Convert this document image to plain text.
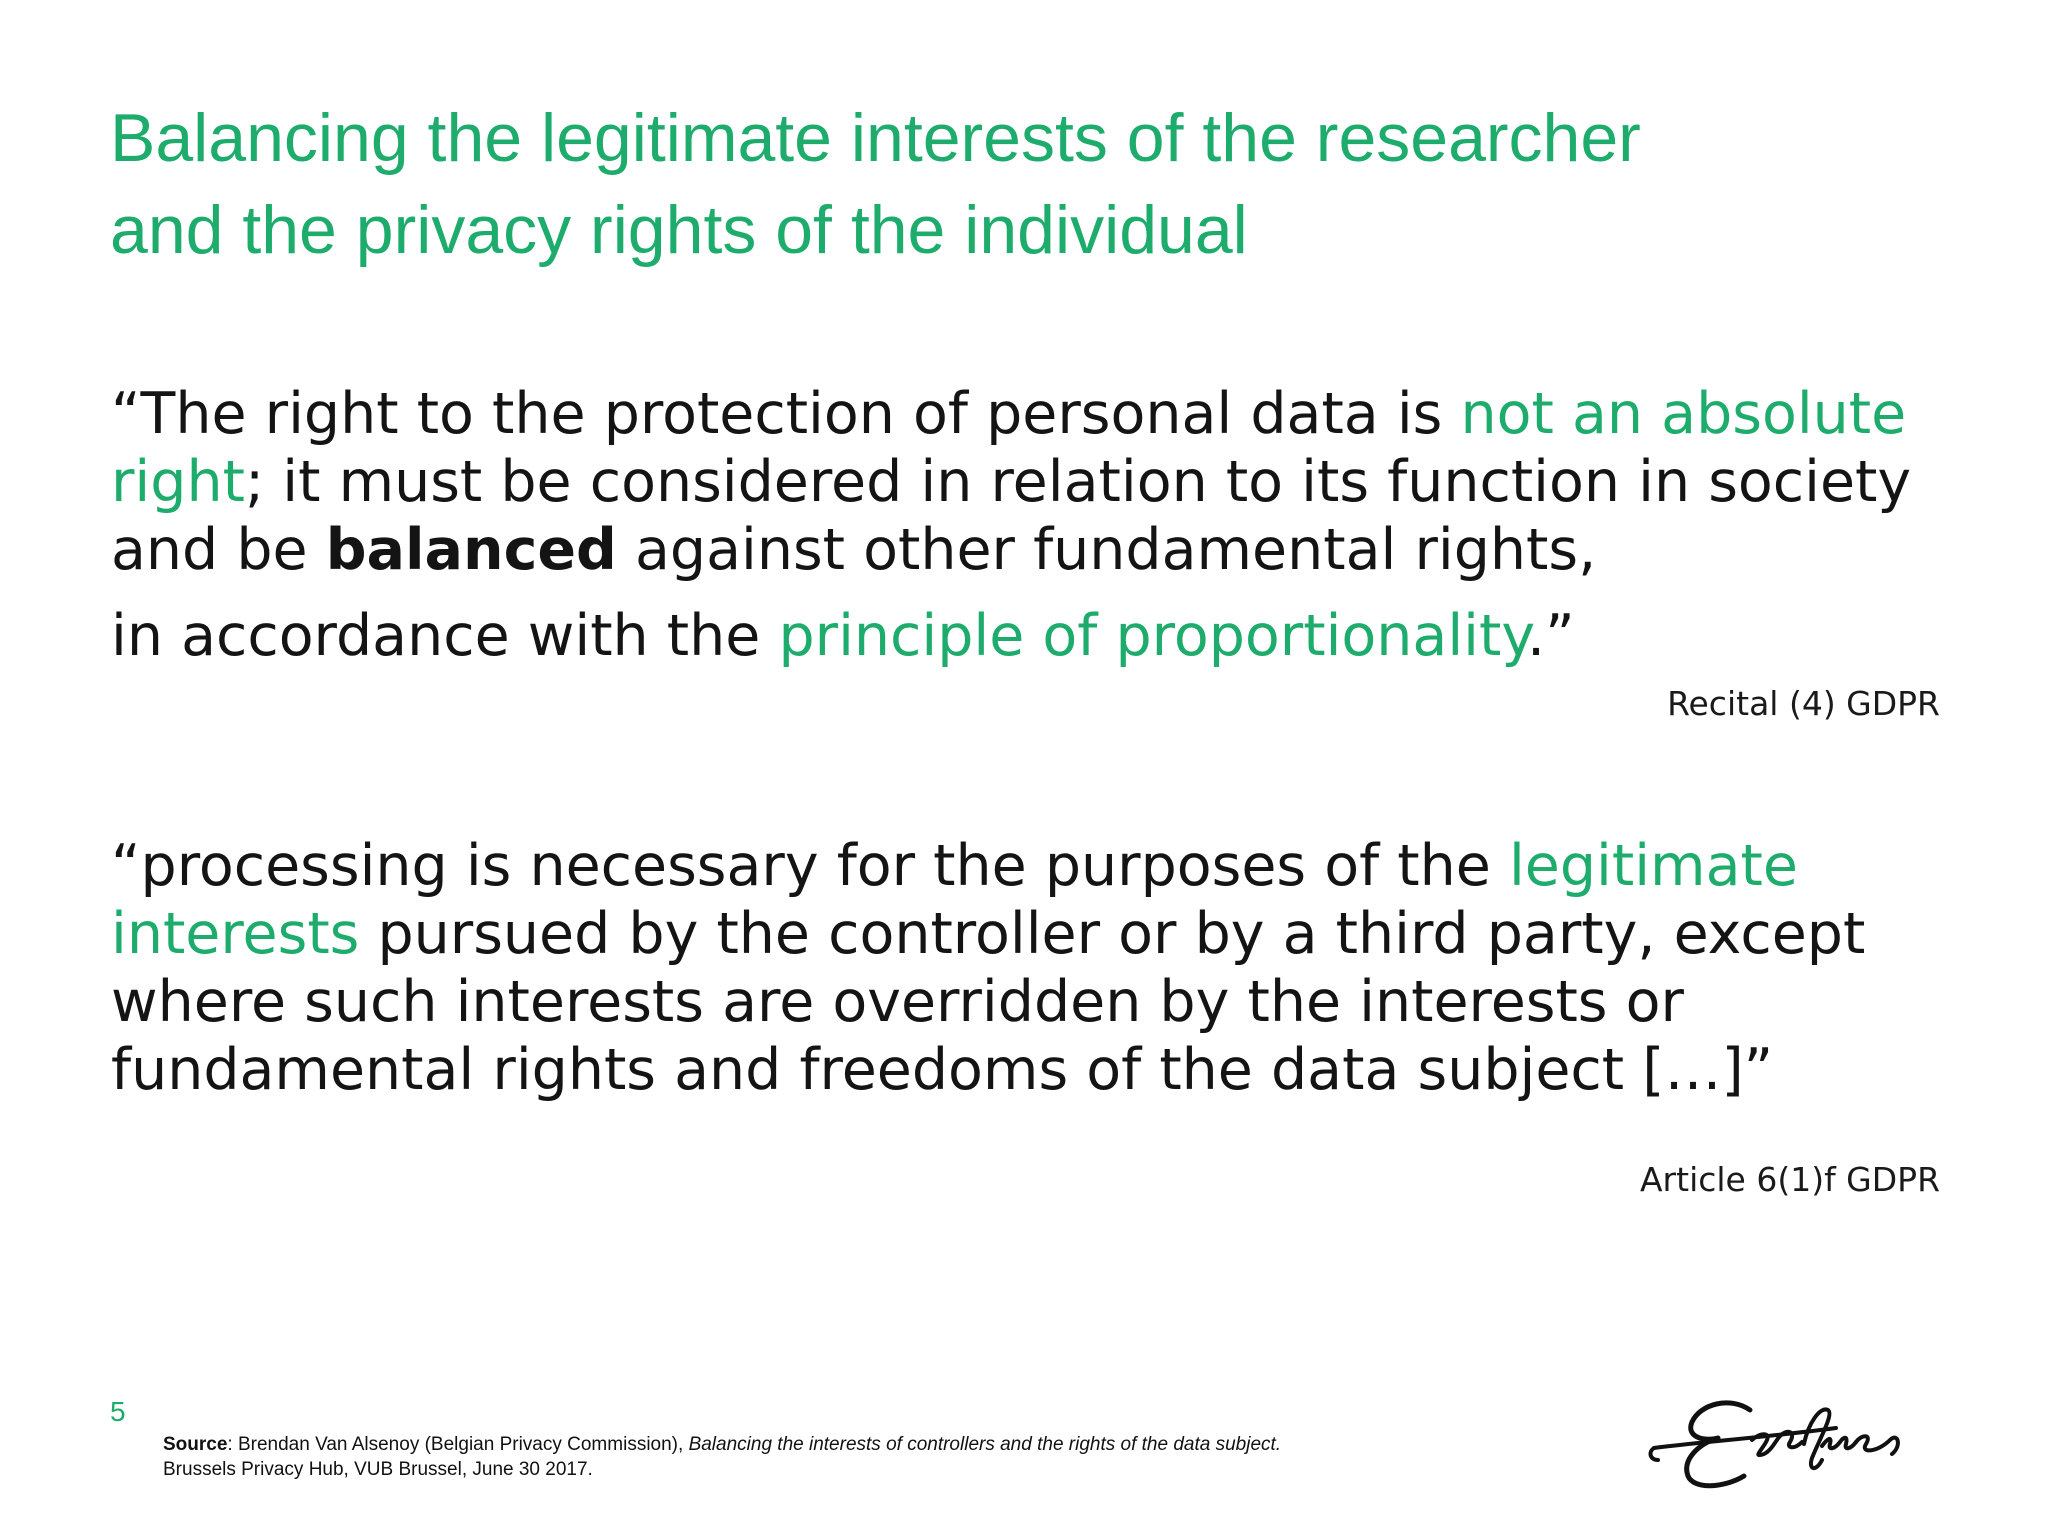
Balancing the legitimate interests of the researcher
and the privacy rights of the individual
“The right to the protection of personal data is not an absolute
right; it must be considered in relation to its function in society
and be balanced against other fundamental rights,
in accordance with the principle of proportionality.”
Recital (4) GDPR
“processing is necessary for the purposes of the legitimate
interests pursued by the controller or by a third party, except
where such interests are overridden by the interests or
fundamental rights and freedoms of the data subject […]”
Article 6(1)f GDPR
5
Source: Brendan Van Alsenoy (Belgian Privacy Commission), Balancing the interests of controllers and the rights of the data subject.
Brussels Privacy Hub, VUB Brussel, June 30 2017.
